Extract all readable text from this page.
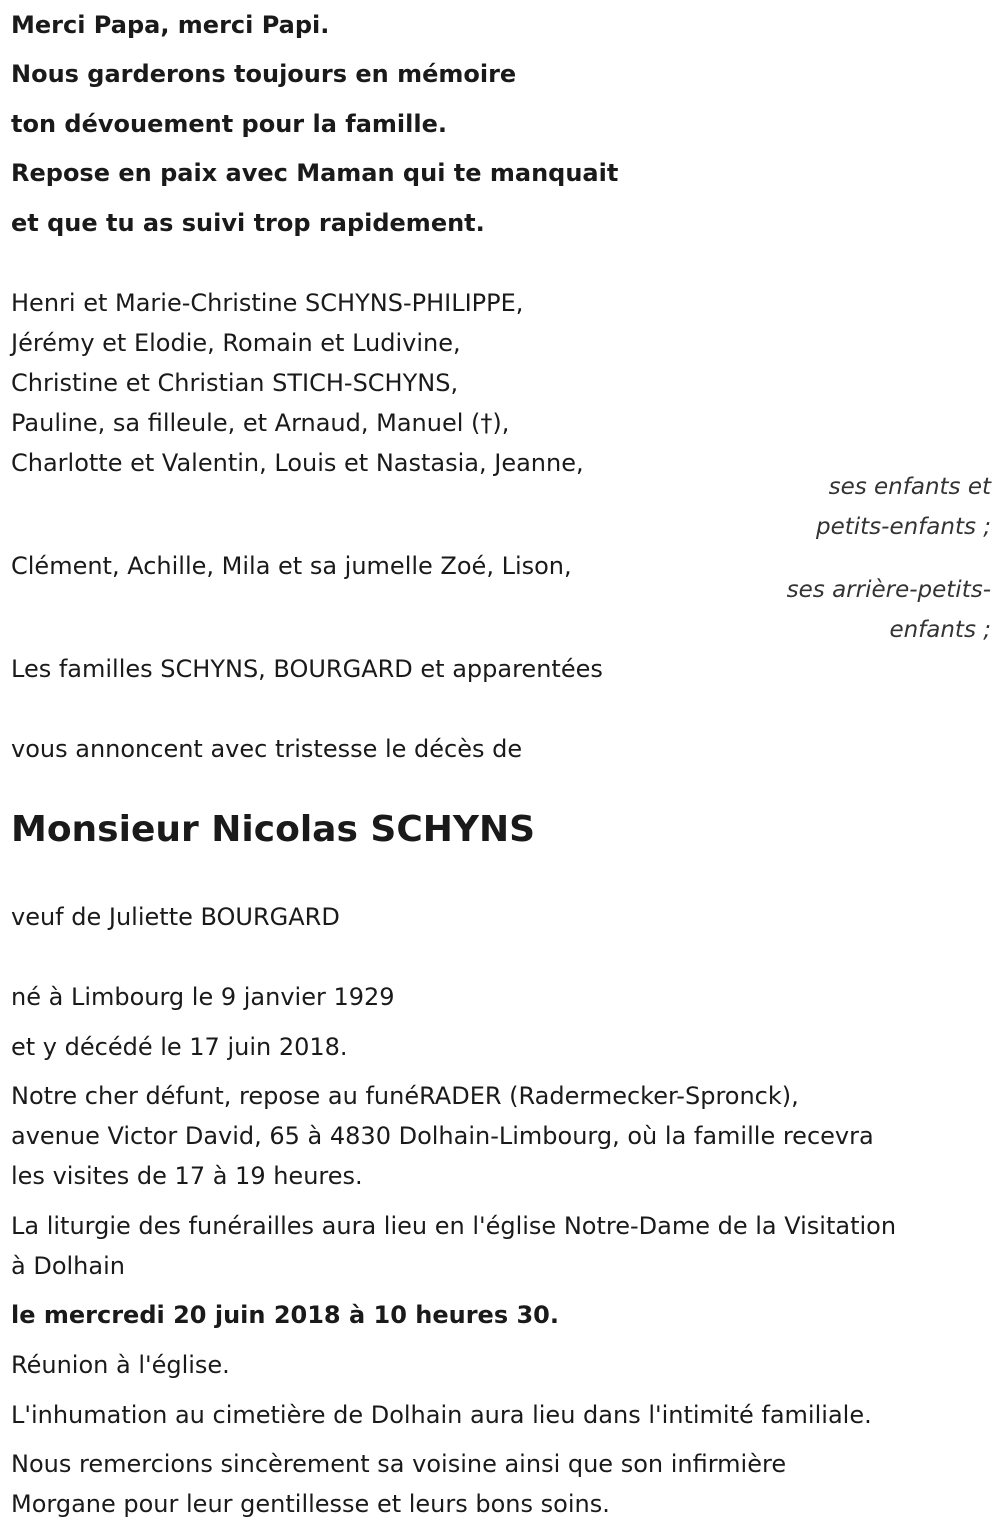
Merci Papa, merci Papi.
Nous garderons toujours en mémoire
ton dévouement pour la famille.
Repose en paix avec Maman qui te manquait
et que tu as suivi trop rapidement.
Henri et Marie-Christine SCHYNS-PHILIPPE,
Jérémy et Elodie, Romain et Ludivine,
Christine et Christian STICH-SCHYNS,
Pauline, sa filleule, et Arnaud, Manuel (†),
Charlotte et Valentin, Louis et Nastasia, Jeanne,
ses enfants et
petits-enfants ;
Clément, Achille, Mila et sa jumelle Zoé, Lison,
ses arrière-petits-
enfants ;
Les familles SCHYNS, BOURGARD et apparentées
vous annoncent avec tristesse le décès de
Monsieur Nicolas SCHYNS
veuf de Juliette BOURGARD
né à Limbourg le 9 janvier 1929
et y décédé le 17 juin 2018.
Notre cher défunt, repose au funéRADER (Radermecker-Spronck),
avenue Victor David, 65 à 4830 Dolhain-Limbourg, où la famille recevra
les visites de 17 à 19 heures.
La liturgie des funérailles aura lieu en l'église Notre-Dame de la Visitation
à Dolhain
le mercredi 20 juin 2018 à 10 heures 30.
Réunion à l'église.
L'inhumation au cimetière de Dolhain aura lieu dans l'intimité familiale.
Nous remercions sincèrement sa voisine ainsi que son infirmière
Morgane pour leur gentillesse et leurs bons soins.
